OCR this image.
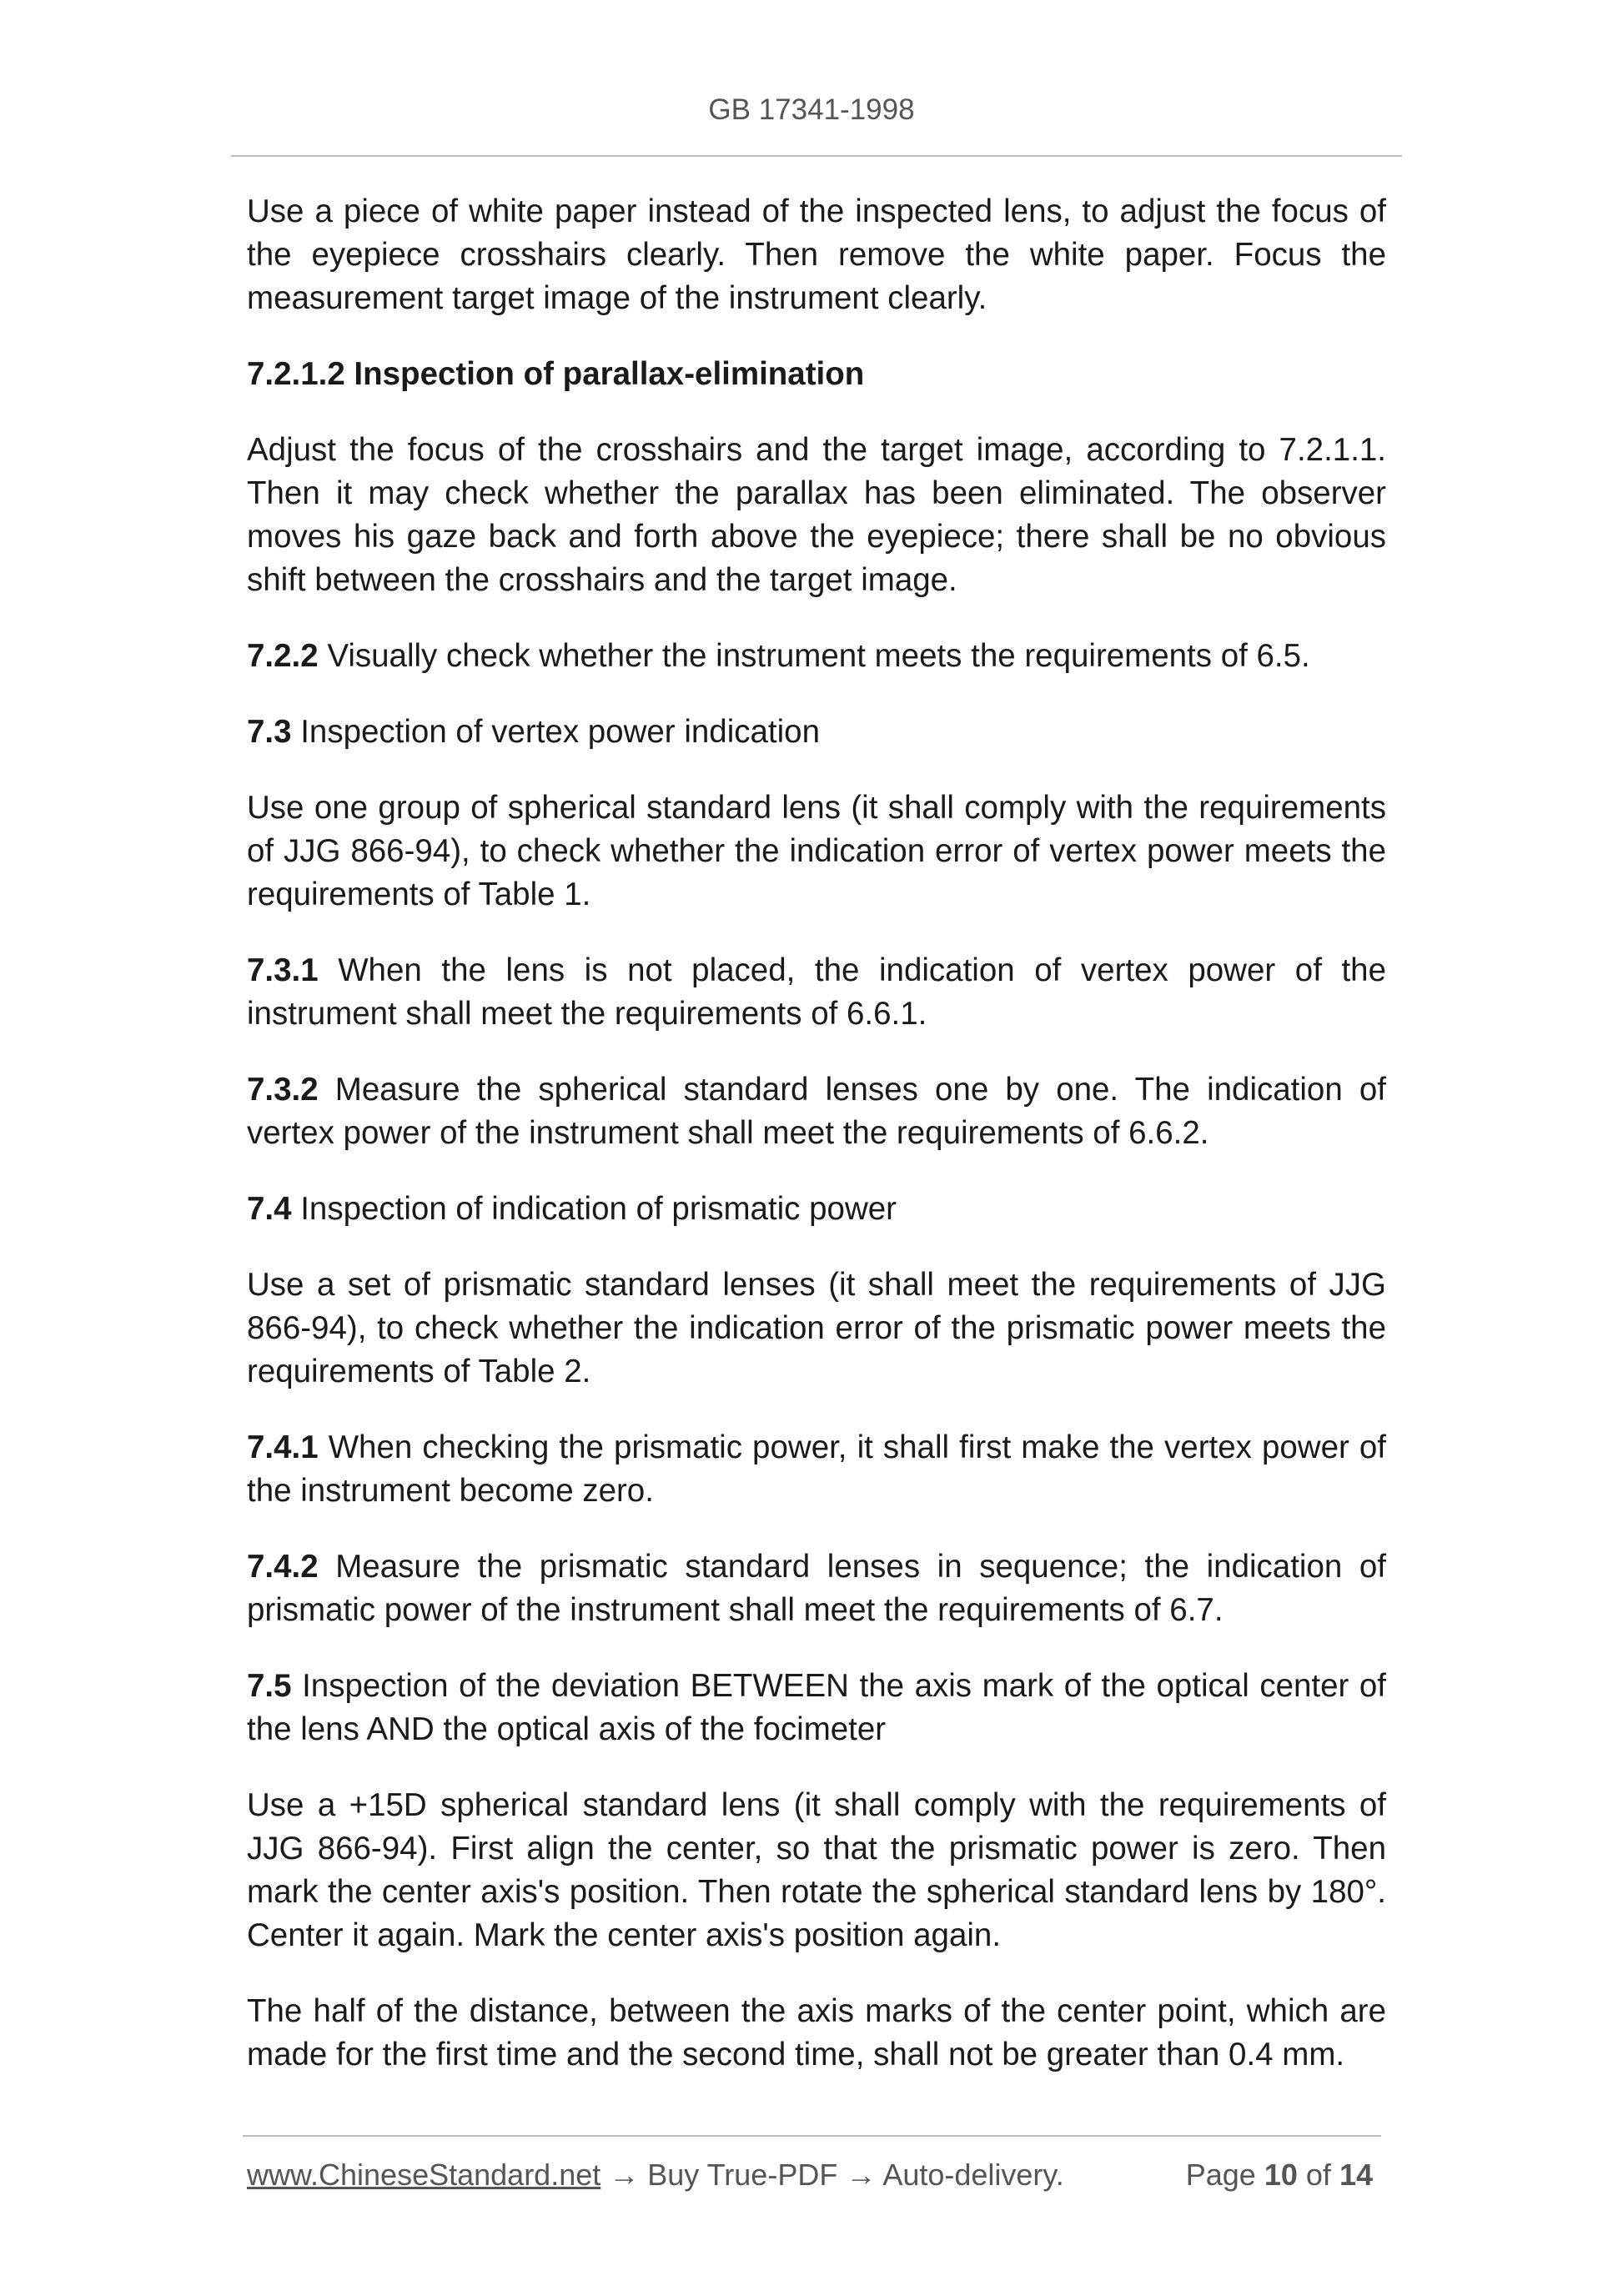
GB 17341-1998

Use a piece of white paper instead of the inspected lens, to adjust the focus of the eyepiece crosshairs clearly. Then remove the white paper. Focus the measurement target image of the instrument clearly.

7.2.1.2 Inspection of parallax-elimination

Adjust the focus of the crosshairs and the target image, according to 7.2.1.1. Then it may check whether the parallax has been eliminated. The observer moves his gaze back and forth above the eyepiece; there shall be no obvious shift between the crosshairs and the target image.

7.2.2 Visually check whether the instrument meets the requirements of 6.5.

7.3 Inspection of vertex power indication

Use one group of spherical standard lens (it shall comply with the requirements of JJG 866-94), to check whether the indication error of vertex power meets the requirements of Table 1.

7.3.1 When the lens is not placed, the indication of vertex power of the instrument shall meet the requirements of 6.6.1.

7.3.2 Measure the spherical standard lenses one by one. The indication of vertex power of the instrument shall meet the requirements of 6.6.2.

7.4 Inspection of indication of prismatic power

Use a set of prismatic standard lenses (it shall meet the requirements of JJG 866-94), to check whether the indication error of the prismatic power meets the requirements of Table 2.

7.4.1 When checking the prismatic power, it shall first make the vertex power of the instrument become zero.

7.4.2 Measure the prismatic standard lenses in sequence; the indication of prismatic power of the instrument shall meet the requirements of 6.7.

7.5 Inspection of the deviation BETWEEN the axis mark of the optical center of the lens AND the optical axis of the focimeter

Use a +15D spherical standard lens (it shall comply with the requirements of JJG 866-94). First align the center, so that the prismatic power is zero. Then mark the center axis's position. Then rotate the spherical standard lens by 180°. Center it again. Mark the center axis's position again.

The half of the distance, between the axis marks of the center point, which are made for the first time and the second time, shall not be greater than 0.4 mm.

www.ChineseStandard.net → Buy True-PDF → Auto-delivery.	Page 10 of 14
